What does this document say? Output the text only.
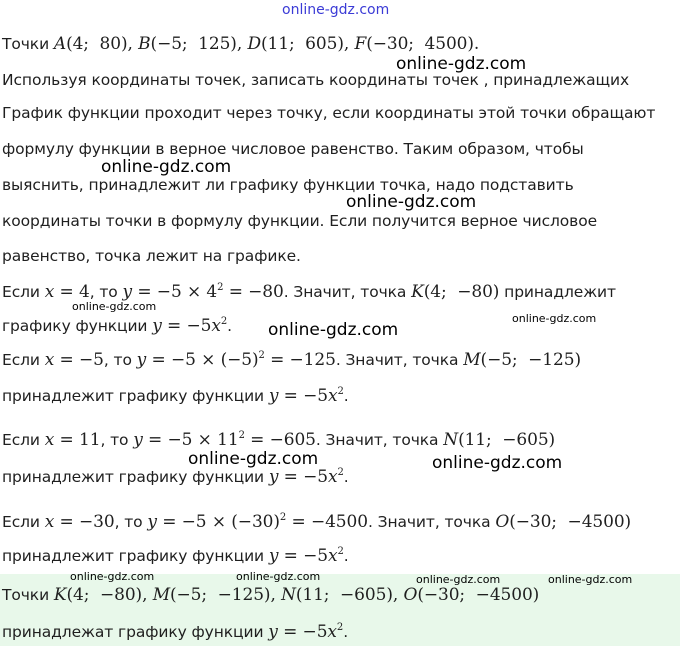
online-gdz.com
Точки A(4;  80), B(−5;  125), D(11;  605), F(−30;  4500).
online-gdz.com
Используя координаты точек, записать координаты точек , принадлежащих
График функции проходит через точку, если координаты этой точки обращают
формулу функции в верное числовое равенство. Таким образом, чтобы
online-gdz.com
выяснить, принадлежит ли графику функции точка, надо подставить
online-gdz.com
координаты точки в формулу функции. Если получится верное числовое
равенство, точка лежит на графике.
Если x = 4, то $y = -5 \times 4^2 = -80$. Значит, точка K(4;  −80) принадлежит
online-gdz.com
online-gdz.com
графику функции $y = -5x^2$. online-gdz.com
Если x = −5, то $y = -5 \times (-5)^2 = -125$. Значит, точка M(−5;  −125)
принадлежит графику функции $y = -5x^2$.
Если x = 11, то $y = -5 \times 11^2 = -605$. Значит, точка N(11;  −605)
online-gdz.com	online-gdz.com
принадлежит графику функции $y = -5x^2$.
Если x = −30, то $y = -5 \times (-30)^2 = -4500$. Значит, точка O(−30;  −4500)
принадлежит графику функции $y = -5x^2$.
online-gdz.com	online-gdz.com	online-gdz.com	online-gdz.com
Точки K(4;  −80), M(−5;  −125), N(11;  −605), O(−30;  −4500)
принадлежат графику функции $y = -5x^2$.
